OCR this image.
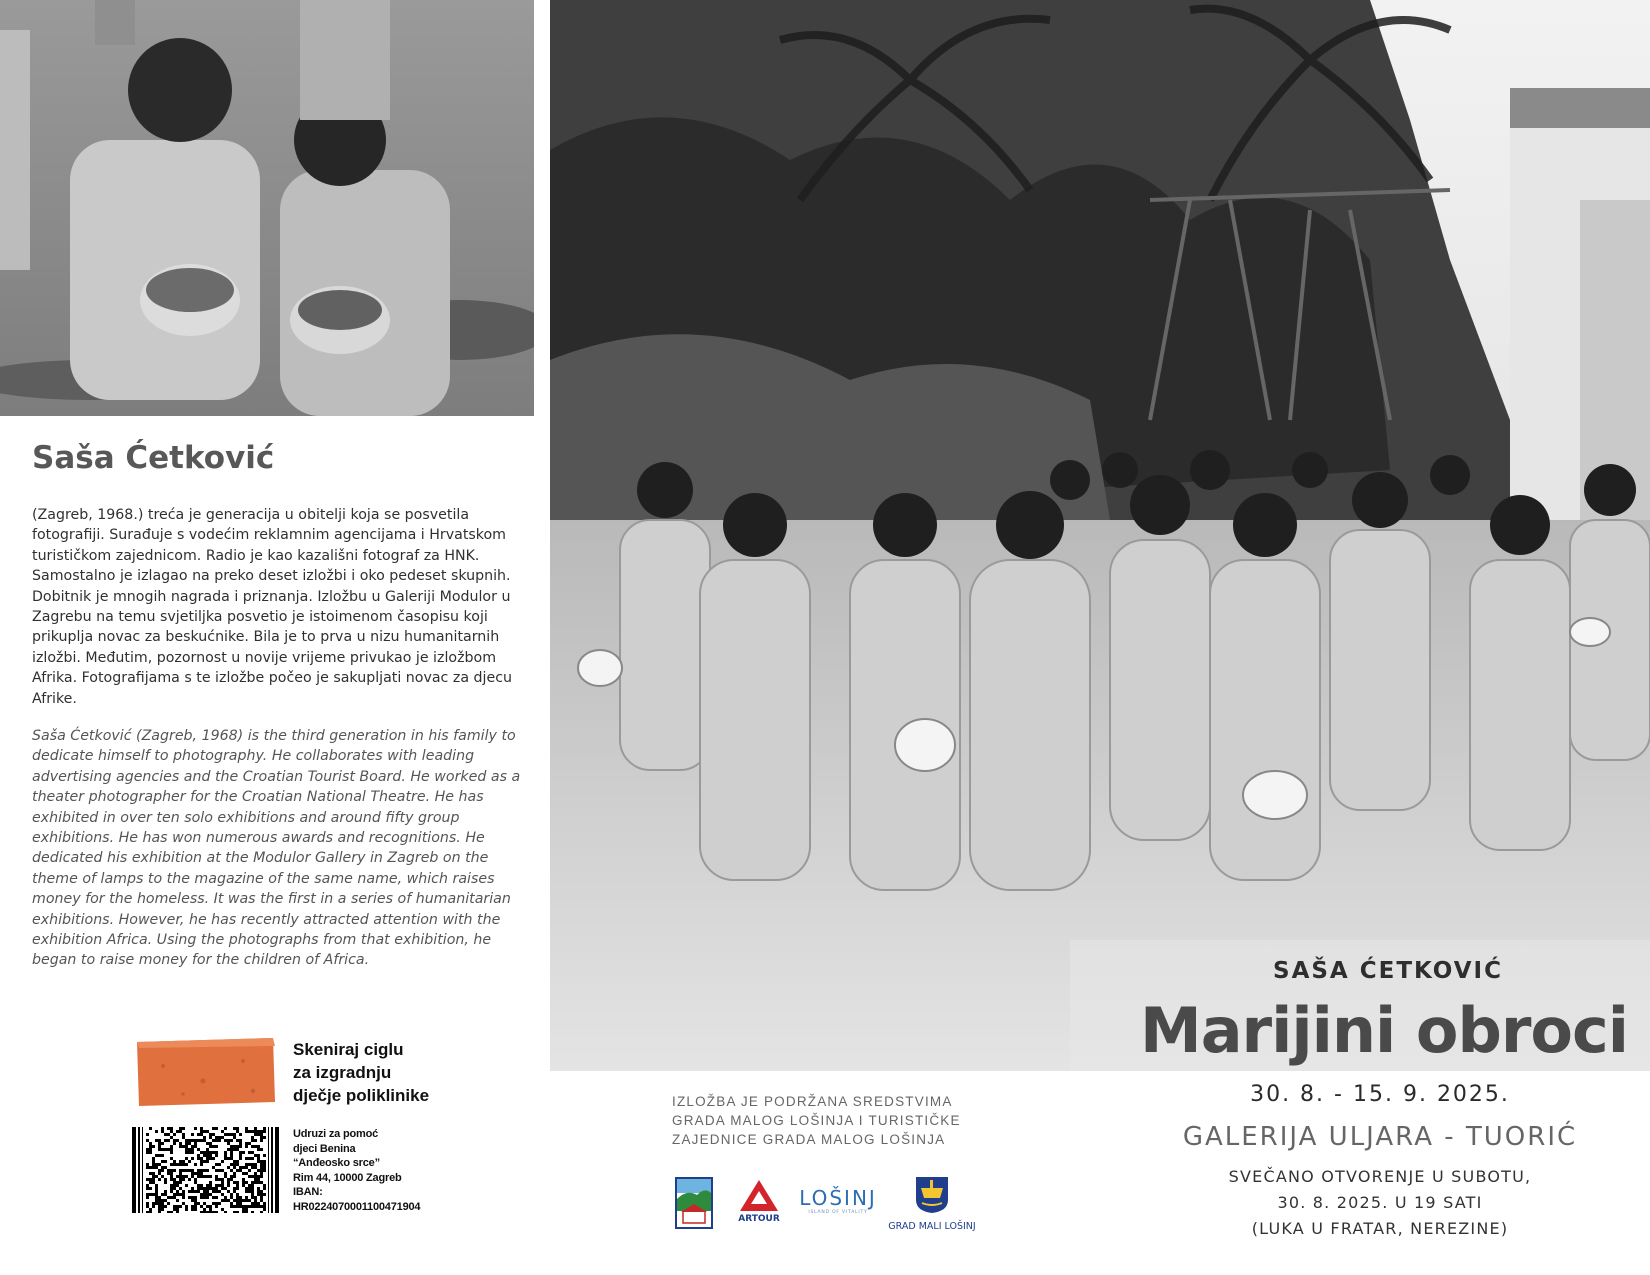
Saša Ćetković
(Zagreb, 1968.) treća je generacija u obitelji koja se posvetila fotografiji. Surađuje s vodećim reklamnim agencijama i Hrvatskom turističkom zajednicom. Radio je kao kazališni fotograf za HNK. Samostalno je izlagao na preko deset izložbi i oko pedeset skupnih. Dobitnik je mnogih nagrada i priznanja. Izložbu u Galeriji Modulor u Zagrebu na temu svjetiljka posvetio je istoimenom časopisu koji prikuplja novac za beskućnike. Bila je to prva u nizu humanitarnih izložbi. Međutim, pozornost u novije vrijeme privukao je izložbom Afrika. Fotografijama s te izložbe počeo je sakupljati novac za djecu Afrike.
Saša Ćetković (Zagreb, 1968) is the third generation in his family to dedicate himself to photography. He collaborates with leading advertising agencies and the Croatian Tourist Board. He worked as a theater photographer for the Croatian National Theatre. He has exhibited in over ten solo exhibitions and around fifty group exhibitions. He has won numerous awards and recognitions. He dedicated his exhibition at the Modulor Gallery in Zagreb on the theme of lamps to the magazine of the same name, which raises money for the homeless. It was the first in a series of humanitarian exhibitions. However, he has recently attracted attention with the exhibition Africa. Using the photographs from that exhibition, he began to raise money for the children of Africa.
Skeniraj ciglu
za izgradnju
dječje poliklinike
Udruzi za pomoć
djeci Benina
“Anđeosko srce”
Rim 44, 10000 Zagreb
IBAN:
HR0224070001100471904
SAŠA ĆETKOVIĆ
Marijini obroci
IZLOŽBA JE PODRŽANA SREDSTVIMA
GRADA MALOG LOŠINJA I TURISTIČKE
ZAJEDNICE GRADA MALOG LOŠINJA
ARTOUR
LOŠINJ
ISLAND OF VITALITY
GRAD MALI LOŠINJ
30. 8. - 15. 9. 2025.
GALERIJA ULJARA - TUORIĆ
SVEČANO OTVORENJE U SUBOTU,
30. 8. 2025. U 19 SATI
(LUKA U FRATAR, NEREZINE)
